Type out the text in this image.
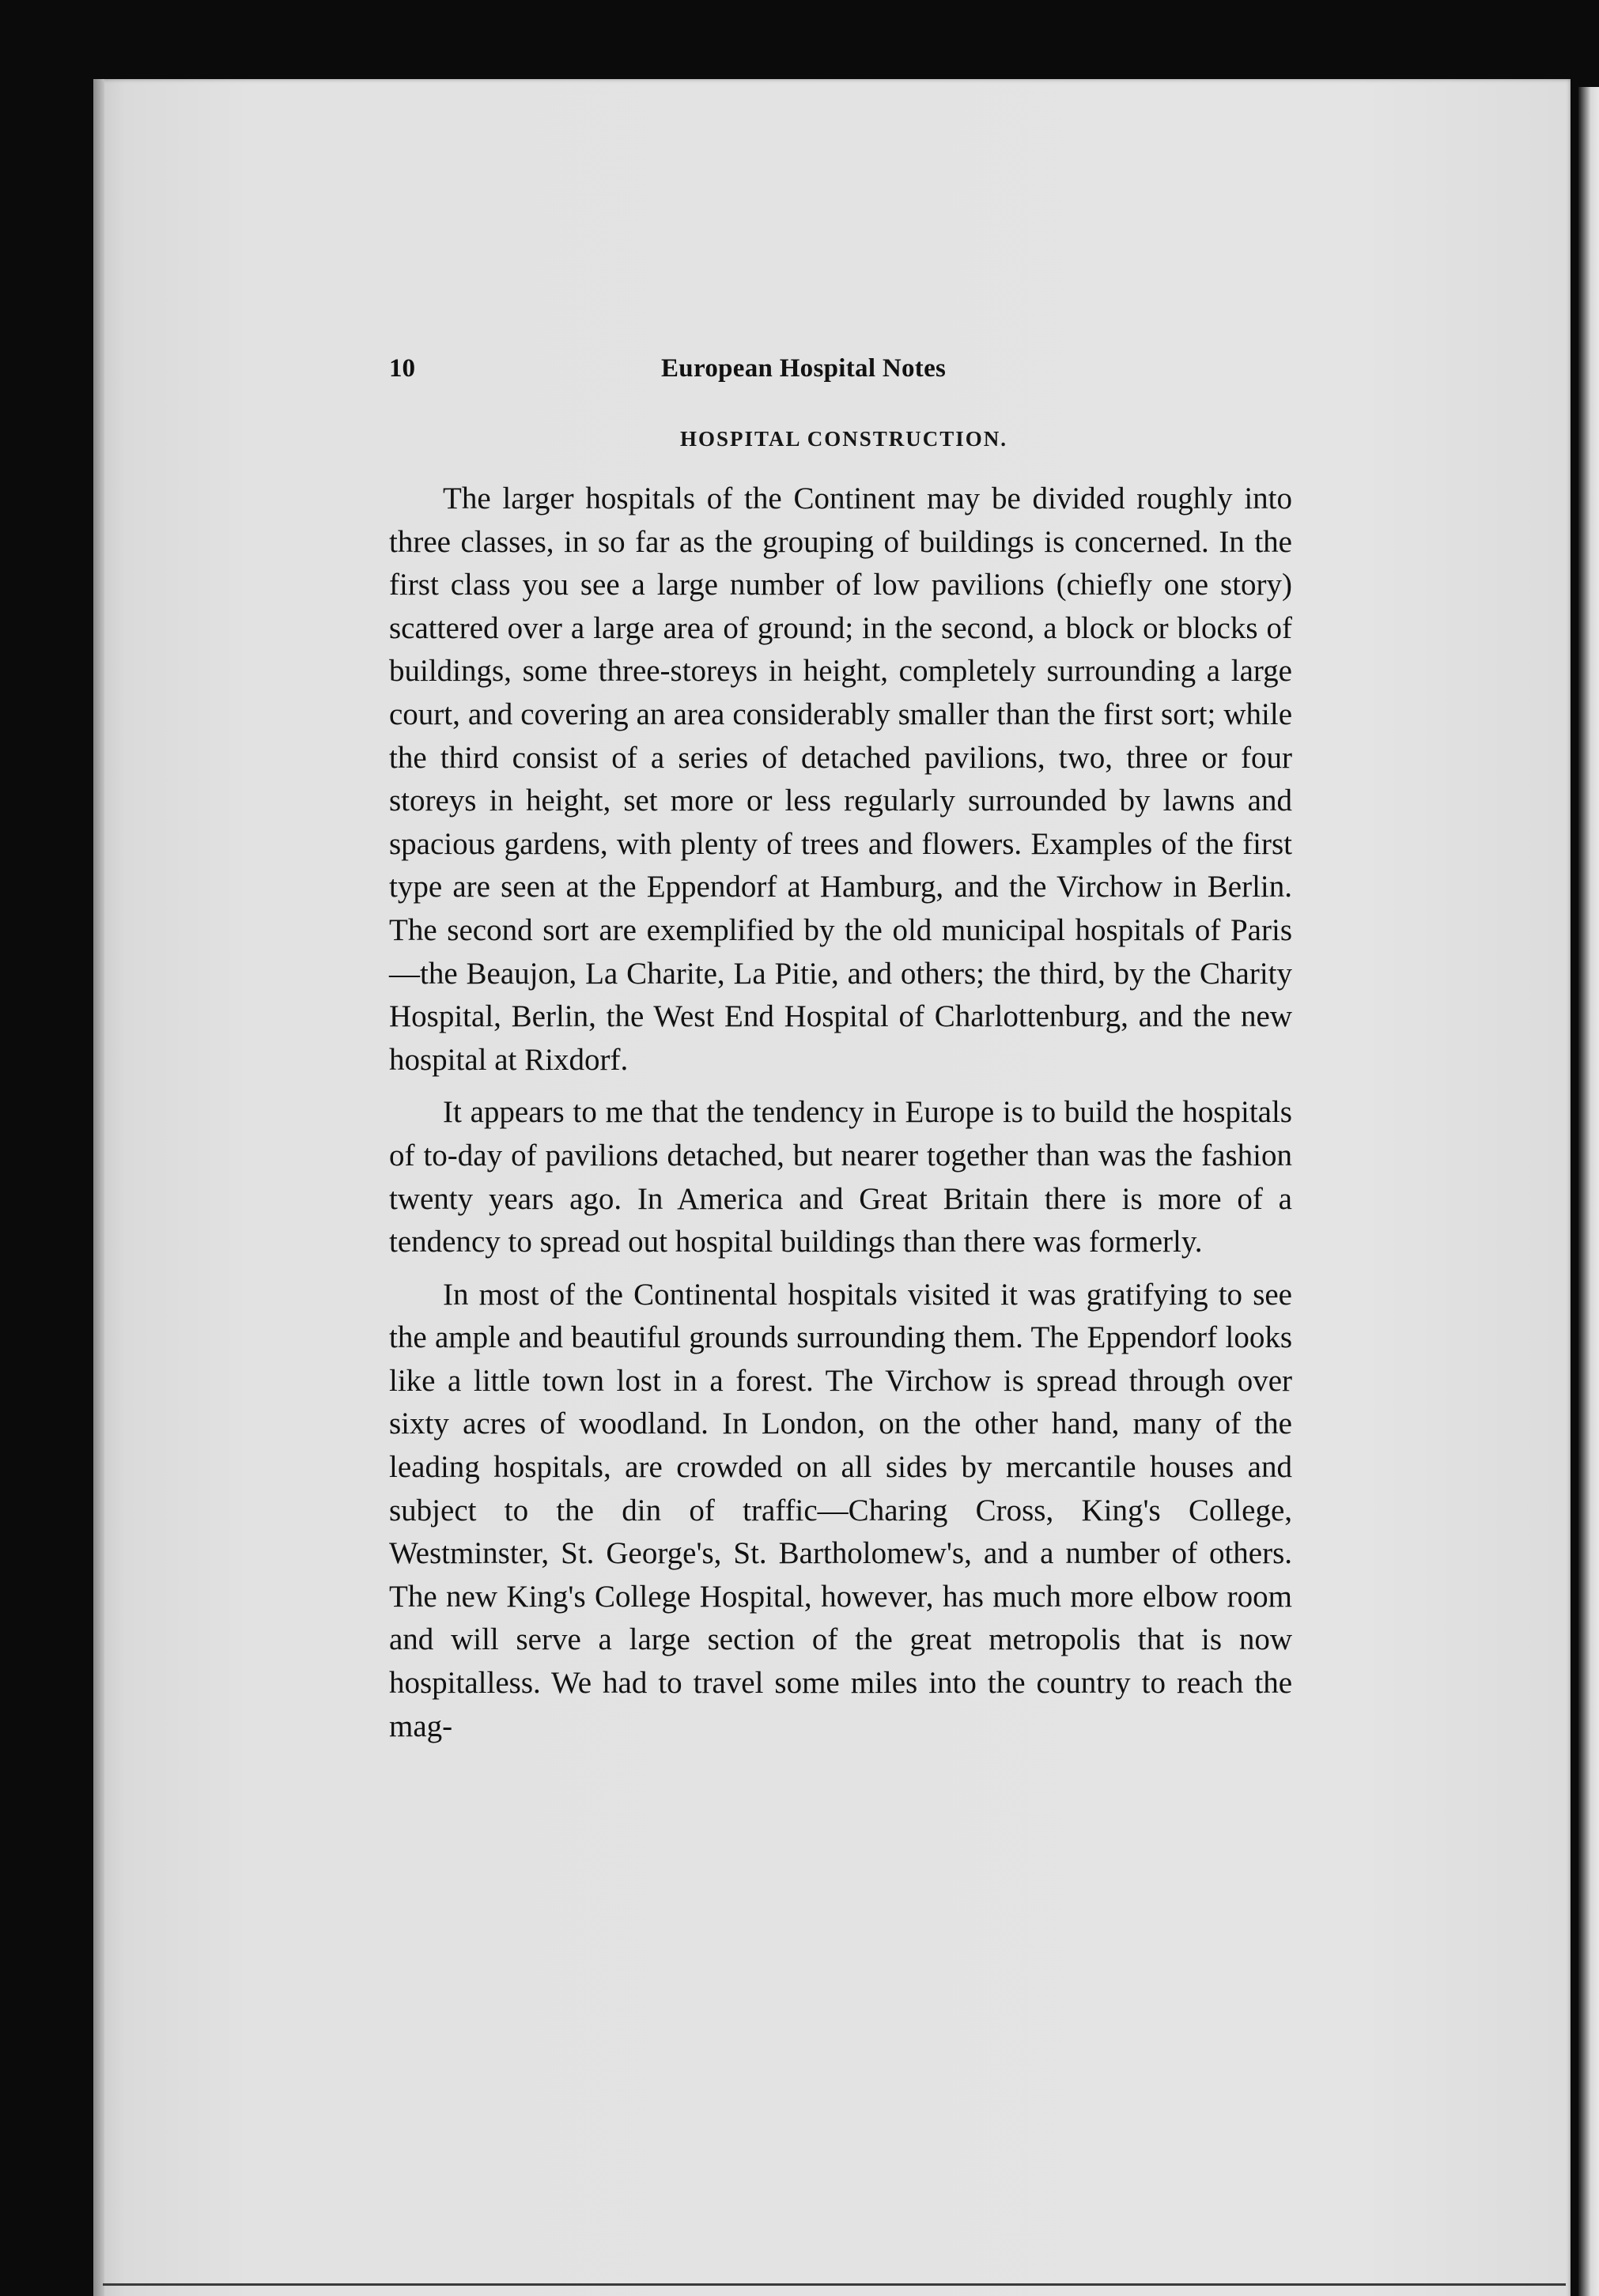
10	European Hospital Notes
HOSPITAL CONSTRUCTION.

The larger hospitals of the Continent may be divided roughly into three classes, in so far as the grouping of buildings is concerned. In the first class you see a large number of low pavilions (chiefly one story) scattered over a large area of ground; in the second, a block or blocks of buildings, some three-storeys in height, completely surrounding a large court, and covering an area considerably smaller than the first sort; while the third consist of a series of detached pavilions, two, three or four storeys in height, set more or less regularly surrounded by lawns and spacious gardens, with plenty of trees and flowers. Examples of the first type are seen at the Eppendorf at Hamburg, and the Virchow in Berlin. The second sort are exemplified by the old municipal hospitals of Paris—the Beaujon, La Charite, La Pitie, and others; the third, by the Charity Hospital, Berlin, the West End Hospital of Charlottenburg, and the new hospital at Rixdorf.

It appears to me that the tendency in Europe is to build the hospitals of to-day of pavilions detached, but nearer together than was the fashion twenty years ago. In America and Great Britain there is more of a tendency to spread out hospital buildings than there was formerly.

In most of the Continental hospitals visited it was gratifying to see the ample and beautiful grounds surrounding them. The Eppendorf looks like a little town lost in a forest. The Virchow is spread through over sixty acres of woodland. In London, on the other hand, many of the leading hospitals, are crowded on all sides by mercantile houses and subject to the din of traffic—Charing Cross, King's College, Westminster, St. George's, St. Bartholomew's, and a number of others. The new King's College Hospital, however, has much more elbow room and will serve a large section of the great metropolis that is now hospitalless. We had to travel some miles into the country to reach the mag-
